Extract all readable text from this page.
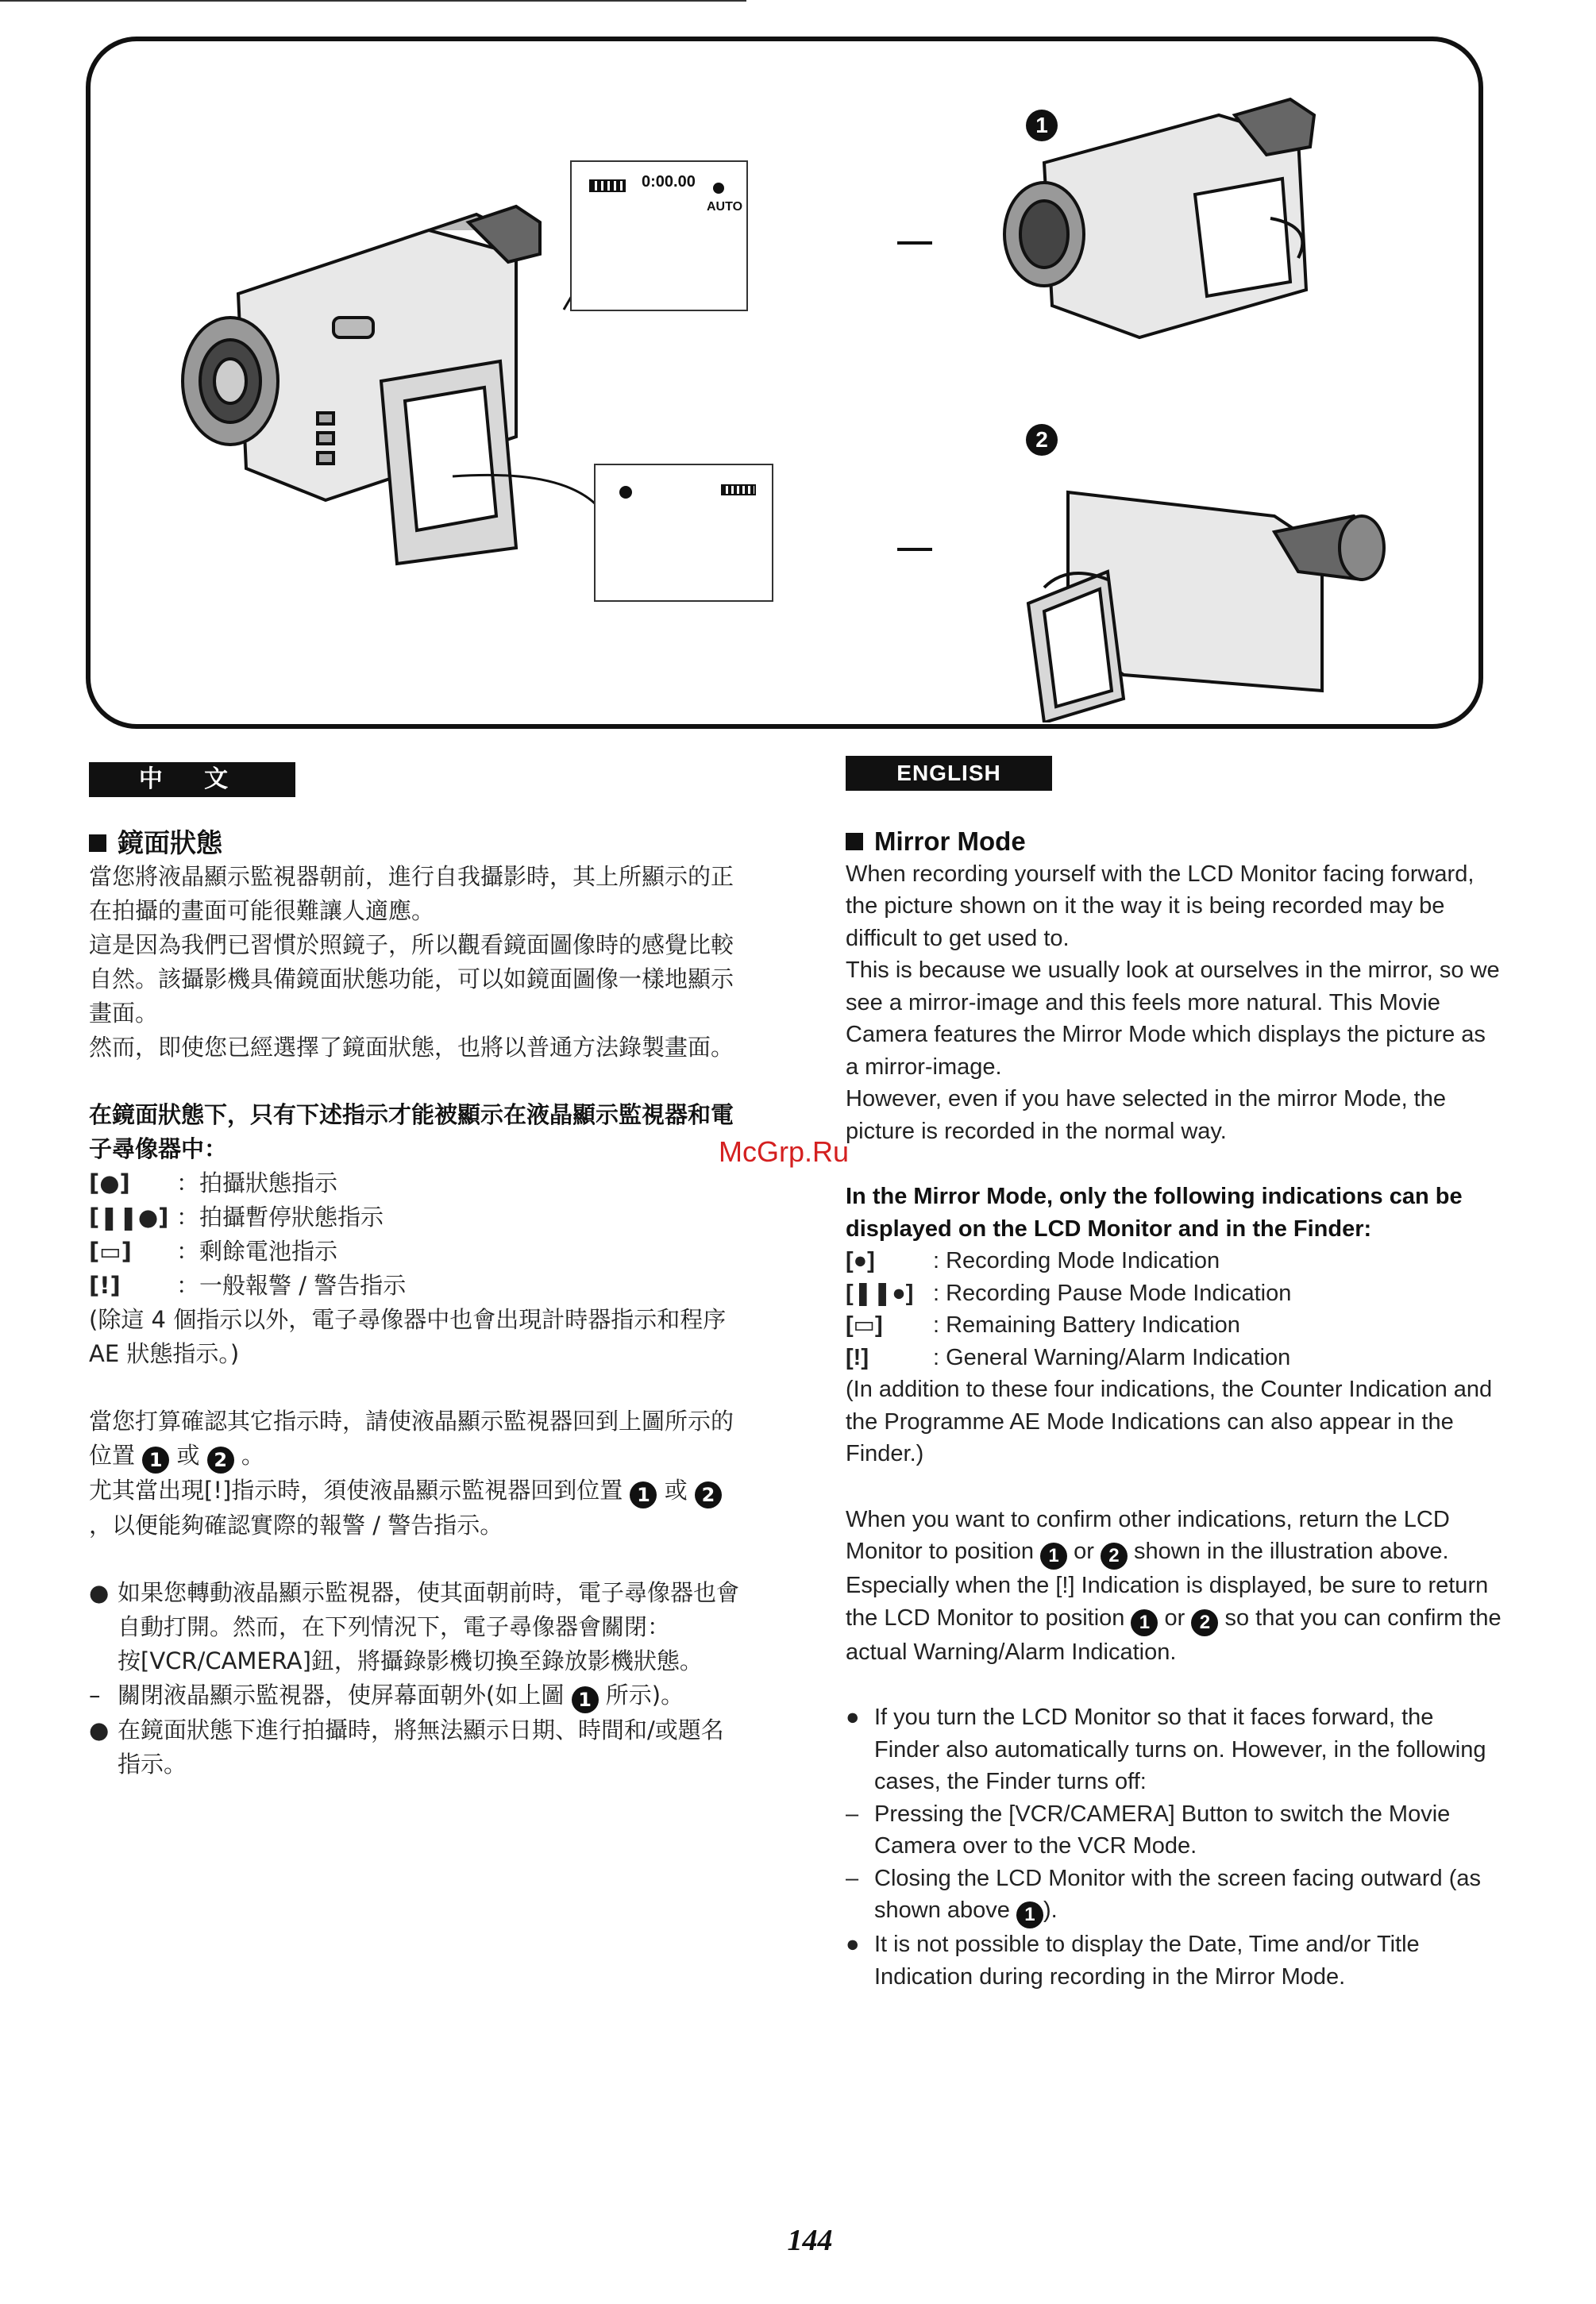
0:00.00
AUTO
1
2
中 文	ENGLISH
鏡面狀態

當您將液晶顯示監視器朝前，進行自我攝影時，其上所顯示的正在拍攝的畫面可能很難讓人適應。

這是因為我們已習慣於照鏡子，所以觀看鏡面圖像時的感覺比較自然。該攝影機具備鏡面狀態功能，可以如鏡面圖像一樣地顯示畫面。

然而，即使您已經選擇了鏡面狀態，也將以普通方法錄製畫面。

在鏡面狀態下，只有下述指示才能被顯示在液晶顯示監視器和電子尋像器中：

[●]	：拍攝狀態指示
[❚❚●] ：拍攝暫停狀態指示
[▭]	：剩餘電池指示
[!]	：一般報警 / 警告指示

(除這 4 個指示以外，電子尋像器中也會出現計時器指示和程序 AE 狀態指示。)

當您打算確認其它指示時，請使液晶顯示監視器回到上圖所示的位置 1 或 2 。

尤其當出現[!]指示時，須使液晶顯示監視器回到位置 1 或 2，以便能夠確認實際的報警 / 警告指示。

● 如果您轉動液晶顯示監視器，使其面朝前時，電子尋像器也會自動打開。然而，在下列情況下，電子尋像器會關閉：
按[VCR/CAMERA]鈕，將攝錄影機切換至錄放影機狀態。
– 關閉液晶顯示監視器，使屏幕面朝外(如上圖 1 所示)。
● 在鏡面狀態下進行拍攝時，將無法顯示日期、時間和/或題名指示。
Mirror Mode

When recording yourself with the LCD Monitor facing forward, the picture shown on it the way it is being recorded may be difficult to get used to.

This is because we usually look at ourselves in the mirror, so we see a mirror-image and this feels more natural. This Movie Camera features the Mirror Mode which displays the picture as a mirror-image.

However, even if you have selected in the mirror Mode, the picture is recorded in the normal way.

In the Mirror Mode, only the following indications can be displayed on the LCD Monitor and in the Finder:

[●]	: Recording Mode Indication
[❚❚●] : Recording Pause Mode Indication
[▭]	: Remaining Battery Indication
[!]	: General Warning/Alarm Indication

(In addition to these four indications, the Counter Indication and the Programme AE Mode Indications can also appear in the Finder.)

When you want to confirm other indications, return the LCD Monitor to position 1 or 2 shown in the illustration above.

Especially when the [!] Indication is displayed, be sure to return the LCD Monitor to position 1 or 2 so that you can confirm the actual Warning/Alarm Indication.

● If you turn the LCD Monitor so that it faces forward, the Finder also automatically turns on. However, in the following cases, the Finder turns off:
– Pressing the [VCR/CAMERA] Button to switch the Movie Camera over to the VCR Mode.
– Closing the LCD Monitor with the screen facing outward (as shown above 1 ).
● It is not possible to display the Date, Time and/or Title Indication during recording in the Mirror Mode.
McGrp.Ru
144
